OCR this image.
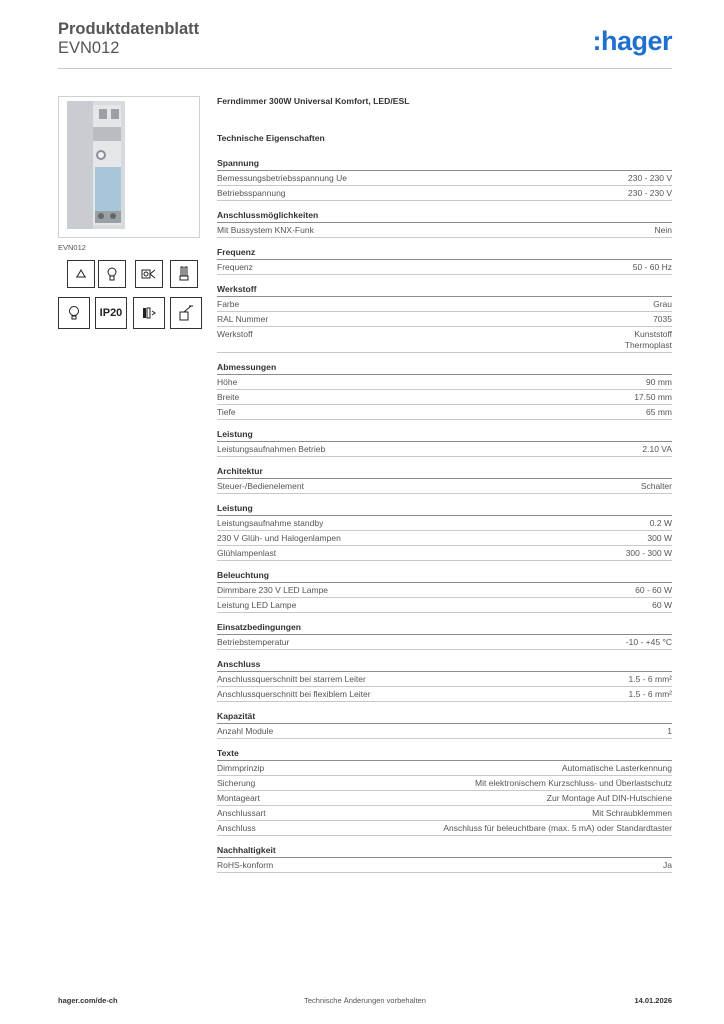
Produktdatenblatt
EVN012	:hager
EVN012
IP20
Ferndimmer 300W Universal Komfort, LED/ESL
Technische Eigenschaften
Spannung
Bemessungsbetriebsspannung Ue	230 - 230 V
Betriebsspannung	230 - 230 V
Anschlussmöglichkeiten
Mit Bussystem KNX-Funk	Nein
Frequenz
Frequenz	50 - 60 Hz
Werkstoff
Farbe	Grau
RAL Nummer	7035
Werkstoff	Kunststoff
Thermoplast
Abmessungen
Höhe	90 mm
Breite	17.50 mm
Tiefe	65 mm
Leistung
Leistungsaufnahmen Betrieb	2.10 VA
Architektur
Steuer-/Bedienelement	Schalter
Leistung
Leistungsaufnahme standby	0.2 W
230 V Glüh- und Halogenlampen	300 W
Glühlampenlast	300 - 300 W
Beleuchtung
Dimmbare 230 V LED Lampe	60 - 60 W
Leistung LED Lampe	60 W
Einsatzbedingungen
Betriebstemperatur	-10 - +45 °C
Anschluss
Anschlussquerschnitt bei starrem Leiter	1.5 - 6 mm²
Anschlussquerschnitt bei flexiblem Leiter	1.5 - 6 mm²
Kapazität
Anzahl Module	1
Texte
Dimmprinzip	Automatische Lasterkennung
Sicherung	Mit elektronischem Kurzschluss- und Überlastschutz
Montageart	Zur Montage Auf DIN-Hutschiene
Anschlussart	Mit Schraubklemmen
Anschluss	Anschluss für beleuchtbare (max. 5 mA) oder Standardtaster
Nachhaltigkeit
RoHS-konform	Ja
hager.com/de-ch	Technische Änderungen vorbehalten	14.01.2026
